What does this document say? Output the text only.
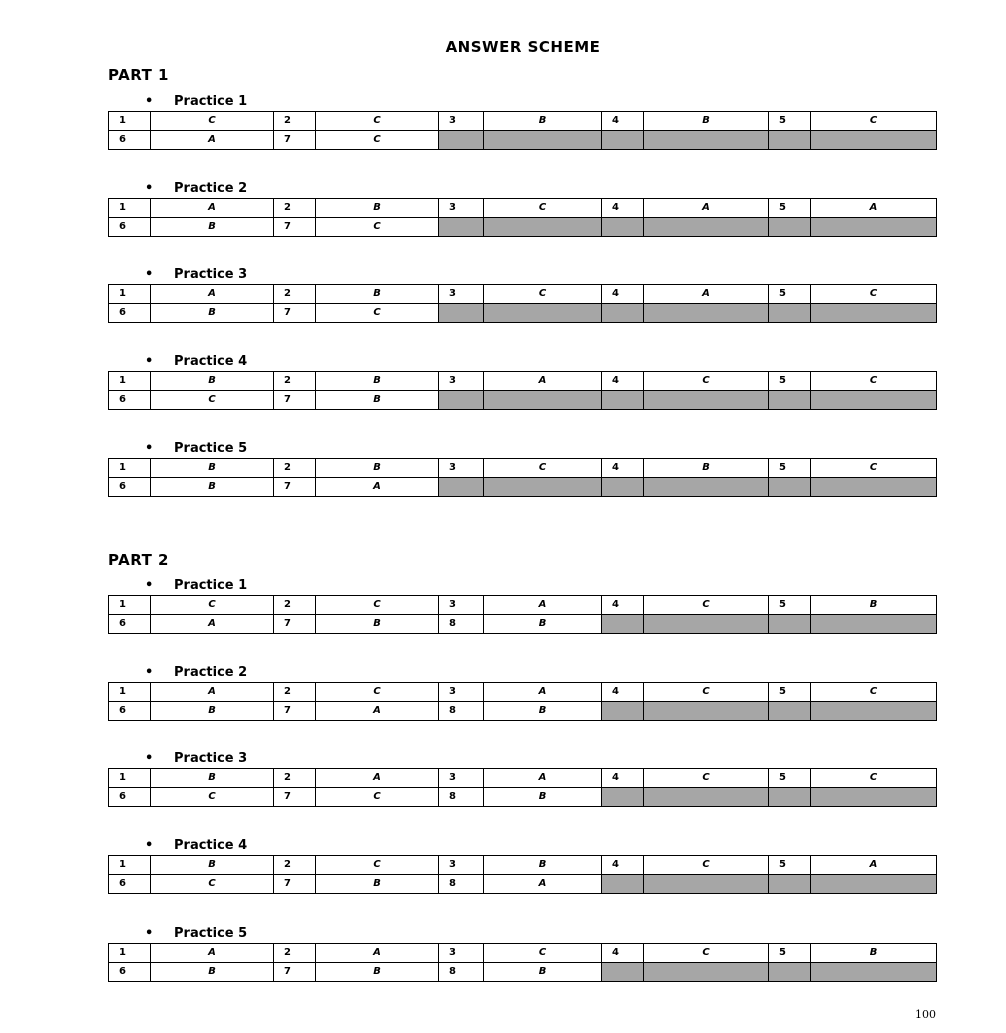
ANSWER SCHEME
PART 1
• Practice 1
1	C	2	C	3	B	4	B	5	C
6	A	7	C						
• Practice 2
1	A	2	B	3	C	4	A	5	A
6	B	7	C						
• Practice 3
1	A	2	B	3	C	4	A	5	C
6	B	7	C						
• Practice 4
1	B	2	B	3	A	4	C	5	C
6	C	7	B						
• Practice 5
1	B	2	B	3	C	4	B	5	C
6	B	7	A						
PART 2
• Practice 1
1	C	2	C	3	A	4	C	5	B
6	A	7	B	8	B				
• Practice 2
1	A	2	C	3	A	4	C	5	C
6	B	7	A	8	B				
• Practice 3
1	B	2	A	3	A	4	C	5	C
6	C	7	C	8	B				
• Practice 4
1	B	2	C	3	B	4	C	5	A
6	C	7	B	8	A				
• Practice 5
1	A	2	A	3	C	4	C	5	B
6	B	7	B	8	B				
100
